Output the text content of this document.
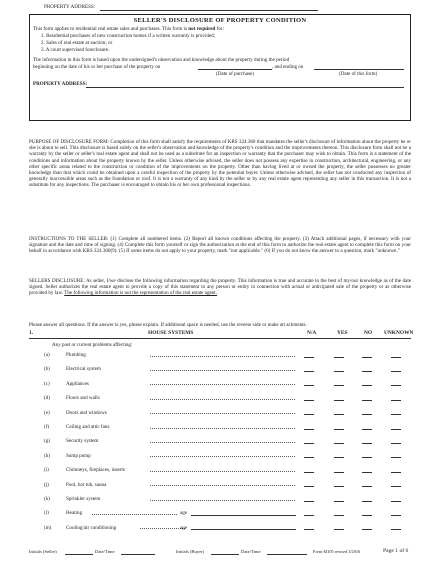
PROPERTY ADDRESS:
SELLER'S DISCLOSURE OF PROPERTY CONDITION
This form applies to residential real estate sales and purchases. This form is not required for:
1. Residential purchases of new construction homes if a written warranty is provided;
2. Sales of real estate at auction; or
3. A court supervised foreclosure.
The information in this form is based upon the undersigned's observation and knowledge about the property during the period
beginning on the date of his or her purchase of the property on	, and ending on
(Date of purchase)	(Date of this form)
PROPERTY ADDRESS:
PURPOSE OF DISCLOSURE FORM: Completion of this form shall satisfy the requirements of KRS 324.360 that mandates the seller's disclosure of information about the property he or she is about to sell. This disclosure is based solely on the seller's observation and knowledge of the property's condition and the improvements thereon. This disclosure form shall not be a warranty by the seller or seller's real estate agent and shall not be used as a substitute for an inspection or warranty that the purchaser may wish to obtain. This form is a statement of the conditions and information about the property known by the seller. Unless otherwise advised, the seller does not possess any expertise in construction, architectural, engineering, or any other specific areas related to the construction or condition of the improvements on the property. Other than having lived at or owned the property, the seller possesses no greater knowledge than that which could be obtained upon a careful inspection of the property by the potential buyer. Unless otherwise advised, the seller has not conducted any inspection of generally inaccessible areas such as the foundation or roof. It is not a warranty of any kind by the seller or by any real estate agent representing any seller in this transaction. It is not a substitute for any inspections. The purchaser is encouraged to obtain his or her own professional inspections.
INSTRUCTIONS TO THE SELLER: (1) Complete all numbered items. (2) Report all known conditions affecting the property. (3) Attach additional pages, if necessary with your signature and the date and time of signing. (4) Complete this form yourself or sign the authorization at the end of this form to authorize the real estate agent to complete this form on your behalf in accordance with KRS 324.360(9). (5) If some items do not apply to your property, mark "not applicable." (6) If you do not know the answer to a question, mark "unknown."
SELLERS DISCLOSURE: As seller, I/we disclose the following information regarding the property. This information is true and accurate to the best of my/our knowledge as of the date signed. Seller authorizes the real estate agent to provide a copy of this statement to any person or entity in connection with actual or anticipated sale of the property or as otherwise provided by law. The following information is not the representation of the real estate agent.
Please answer all questions. If the answer is yes, please explain. If additional space is needed, use the reverse side or make att achments.
1.	HOUSE SYSTEMS	N/A	YES	NO UNKNOWN
Any past or current problems affecting:
(a)	Plumbing
(b)	Electrical system
(c)	Appliances
(d)	Floors and walls
(e)	Doors and windows
(f)	Ceiling and attic fans
(g)	Security system
(h)	Sump pump
(i)	Chimneys, fireplaces, inserts
(j)	Pool, hot tub, sauna
(k)	Sprinkler system
(l)	Heating	age
(m)	Cooling/air conditioning	age
Initials (Seller)	Date/Time	Initials (Buyer)	Date/Time	Form M105 revised 3/2016	Page 1 of 6
